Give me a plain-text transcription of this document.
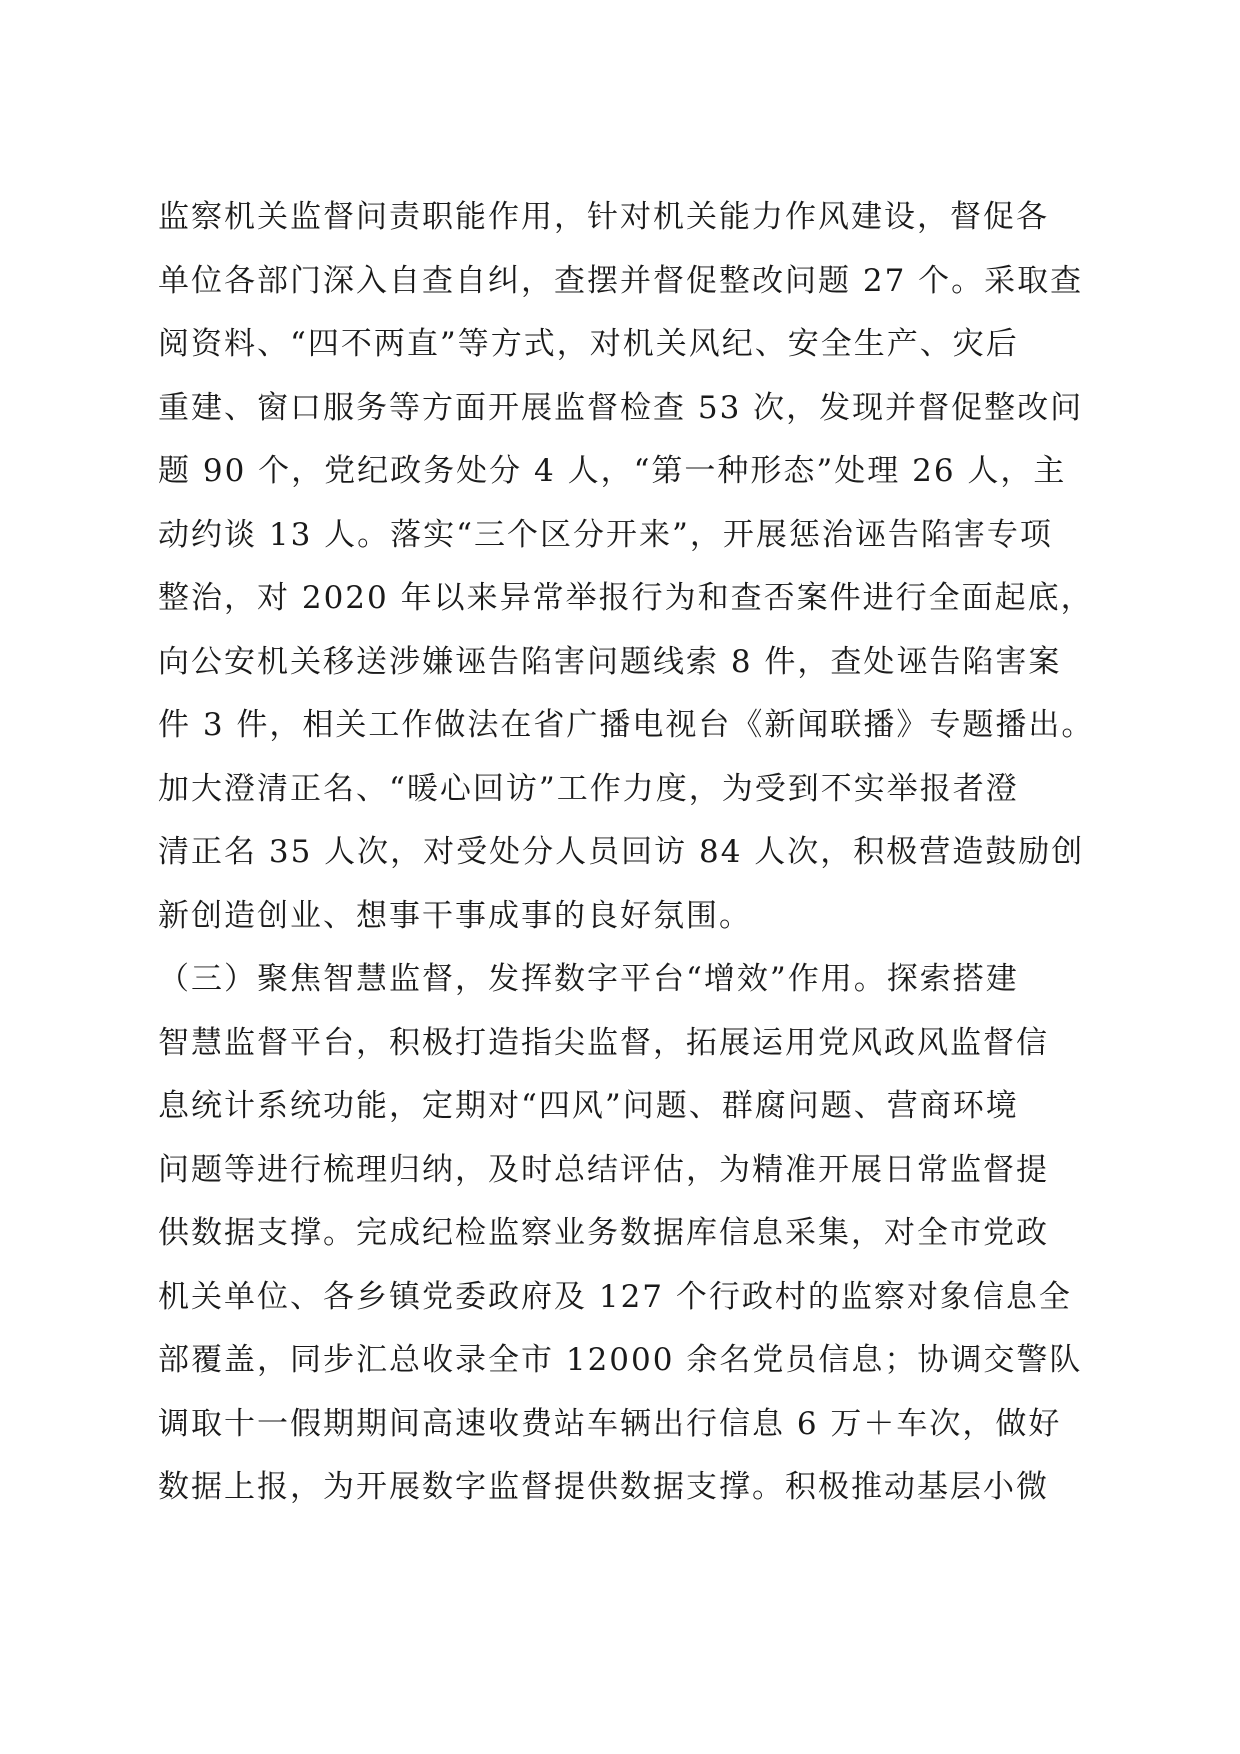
监察机关监督问责职能作用，针对机关能力作风建设，督促各
单位各部门深入自查自纠，查摆并督促整改问题 27 个。采取查
阅资料、“四不两直”等方式，对机关风纪、安全生产、灾后
重建、窗口服务等方面开展监督检查 53 次，发现并督促整改问
题 90 个，党纪政务处分 4 人，“第一种形态”处理 26 人，主
动约谈 13 人。落实“三个区分开来”，开展惩治诬告陷害专项
整治，对 2020 年以来异常举报行为和查否案件进行全面起底，
向公安机关移送涉嫌诬告陷害问题线索 8 件，查处诬告陷害案
件 3 件，相关工作做法在省广播电视台《新闻联播》专题播出。
加大澄清正名、“暖心回访”工作力度，为受到不实举报者澄
清正名 35 人次，对受处分人员回访 84 人次，积极营造鼓励创
新创造创业、想事干事成事的良好氛围。
（三）聚焦智慧监督，发挥数字平台“增效”作用。探索搭建
智慧监督平台，积极打造指尖监督，拓展运用党风政风监督信
息统计系统功能，定期对“四风”问题、群腐问题、营商环境
问题等进行梳理归纳，及时总结评估，为精准开展日常监督提
供数据支撑。完成纪检监察业务数据库信息采集，对全市党政
机关单位、各乡镇党委政府及 127 个行政村的监察对象信息全
部覆盖，同步汇总收录全市 12000 余名党员信息；协调交警队
调取十一假期期间高速收费站车辆出行信息 6 万＋车次，做好
数据上报，为开展数字监督提供数据支撑。积极推动基层小微
